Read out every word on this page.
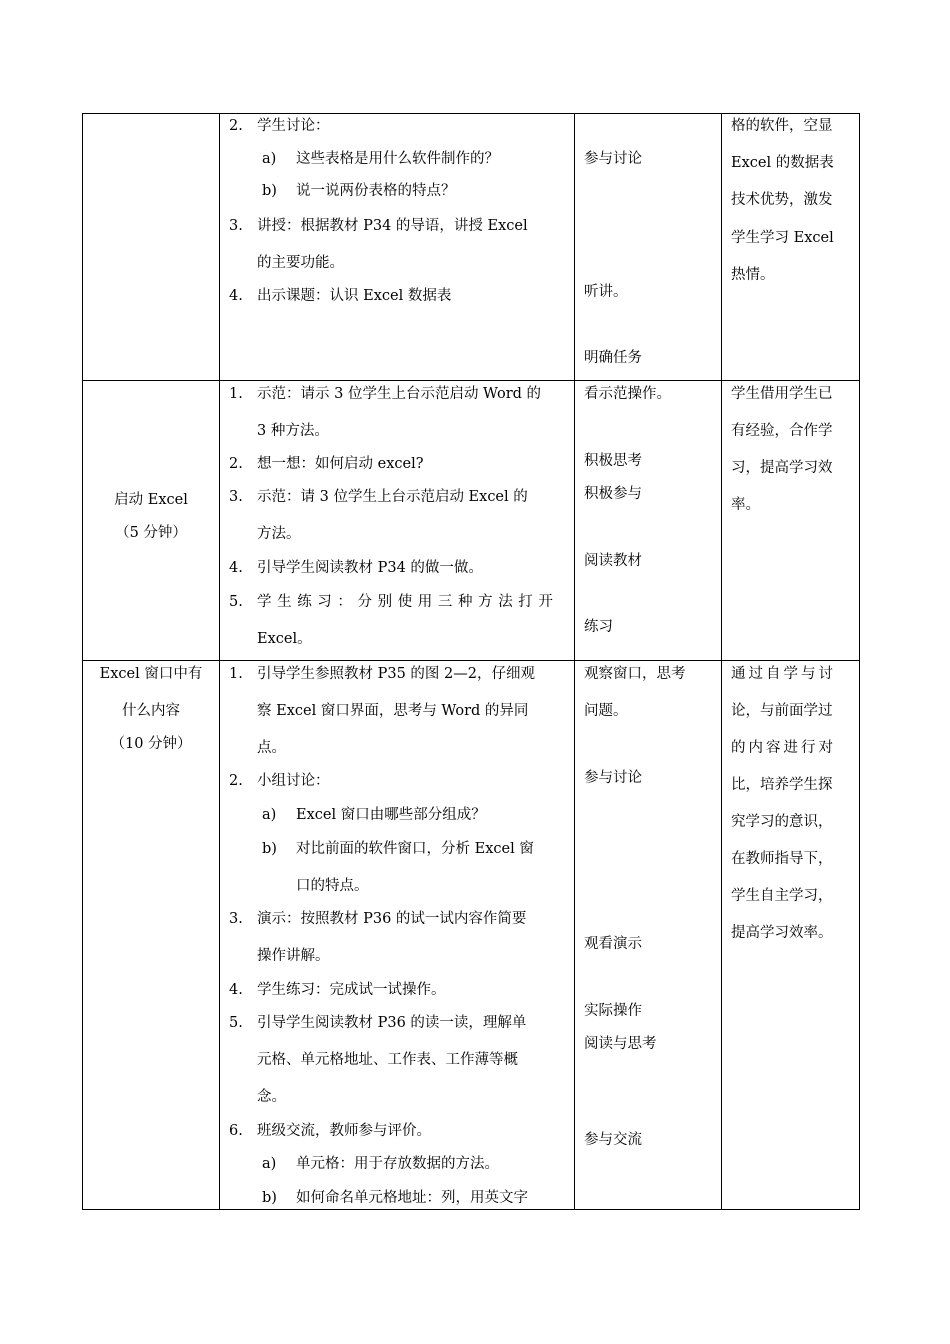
2. 学生讨论：
a) 这些表格是用什么软件制作的？
b) 说一说两份表格的特点？
3. 讲授：根据教材 P34 的导语，讲授 Excel
的主要功能。
4. 出示课题：认识 Excel 数据表
参与讨论
听讲。
明确任务
格的软件，空显
Excel 的数据表
技术优势，激发
学生学习 Excel
热情。
启动 Excel
（5 分钟）
1. 示范：请示 3 位学生上台示范启动 Word 的
3 种方法。
2. 想一想：如何启动 excel?
3. 示范：请 3 位学生上台示范启动 Excel 的
方法。
4. 引导学生阅读教材 P34 的做一做。
5. 学生练习：分别使用三种方法打开
Excel。
看示范操作。
积极思考
积极参与
阅读教材
练习
学生借用学生已
有经验，合作学
习，提高学习效
率。
Excel 窗口中有
什么内容
（10 分钟）
1. 引导学生参照教材 P35 的图 2—2，仔细观
察 Excel 窗口界面，思考与 Word 的异同
点。
2. 小组讨论：
a) Excel 窗口由哪些部分组成？
b) 对比前面的软件窗口，分析 Excel 窗
口的特点。
3. 演示：按照教材 P36 的试一试内容作简要
操作讲解。
4. 学生练习：完成试一试操作。
5. 引导学生阅读教材 P36 的读一读，理解单
元格、单元格地址、工作表、工作薄等概
念。
6. 班级交流，教师参与评价。
a) 单元格：用于存放数据的方法。
b) 如何命名单元格地址：列，用英文字
观察窗口，思考
问题。
参与讨论
观看演示
实际操作
阅读与思考
参与交流
通过自学与讨
论，与前面学过
的内容进行对
比，培养学生探
究学习的意识，
在教师指导下，
学生自主学习，
提高学习效率。
